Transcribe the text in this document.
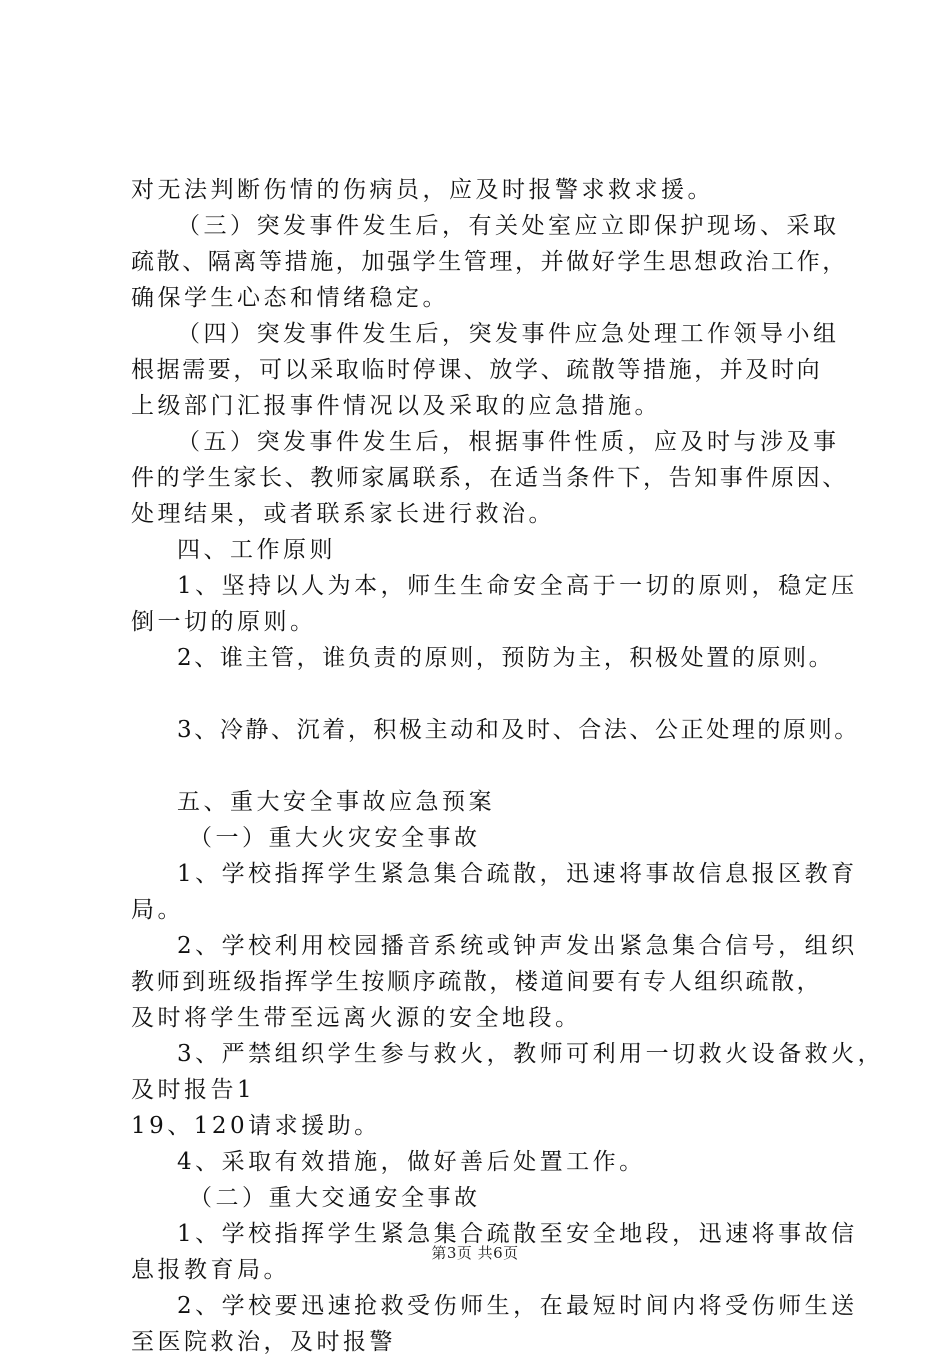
对无法判断伤情的伤病员，应及时报警求救求援。
（三）突发事件发生后，有关处室应立即保护现场、采取
疏散、隔离等措施，加强学生管理，并做好学生思想政治工作，
确保学生心态和情绪稳定。
（四）突发事件发生后，突发事件应急处理工作领导小组
根据需要，可以采取临时停课、放学、疏散等措施，并及时向
上级部门汇报事件情况以及采取的应急措施。
（五）突发事件发生后，根据事件性质，应及时与涉及事
件的学生家长、教师家属联系，在适当条件下，告知事件原因、
处理结果，或者联系家长进行救治。
四、工作原则
1、坚持以人为本，师生生命安全高于一切的原则，稳定压
倒一切的原则。
2、谁主管，谁负责的原则，预防为主，积极处置的原则。
3、冷静、沉着，积极主动和及时、合法、公正处理的原则。
五、重大安全事故应急预案
（一）重大火灾安全事故
1、学校指挥学生紧急集合疏散，迅速将事故信息报区教育
局。
2、学校利用校园播音系统或钟声发出紧急集合信号，组织
教师到班级指挥学生按顺序疏散，楼道间要有专人组织疏散，
及时将学生带至远离火源的安全地段。
3、严禁组织学生参与救火，教师可利用一切救火设备救火，
及时报告1
19、120请求援助。
4、采取有效措施，做好善后处置工作。
（二）重大交通安全事故
1、学校指挥学生紧急集合疏散至安全地段，迅速将事故信
息报教育局。
2、学校要迅速抢救受伤师生，在最短时间内将受伤师生送
至医院救治，及时报警
第3页 共6页
